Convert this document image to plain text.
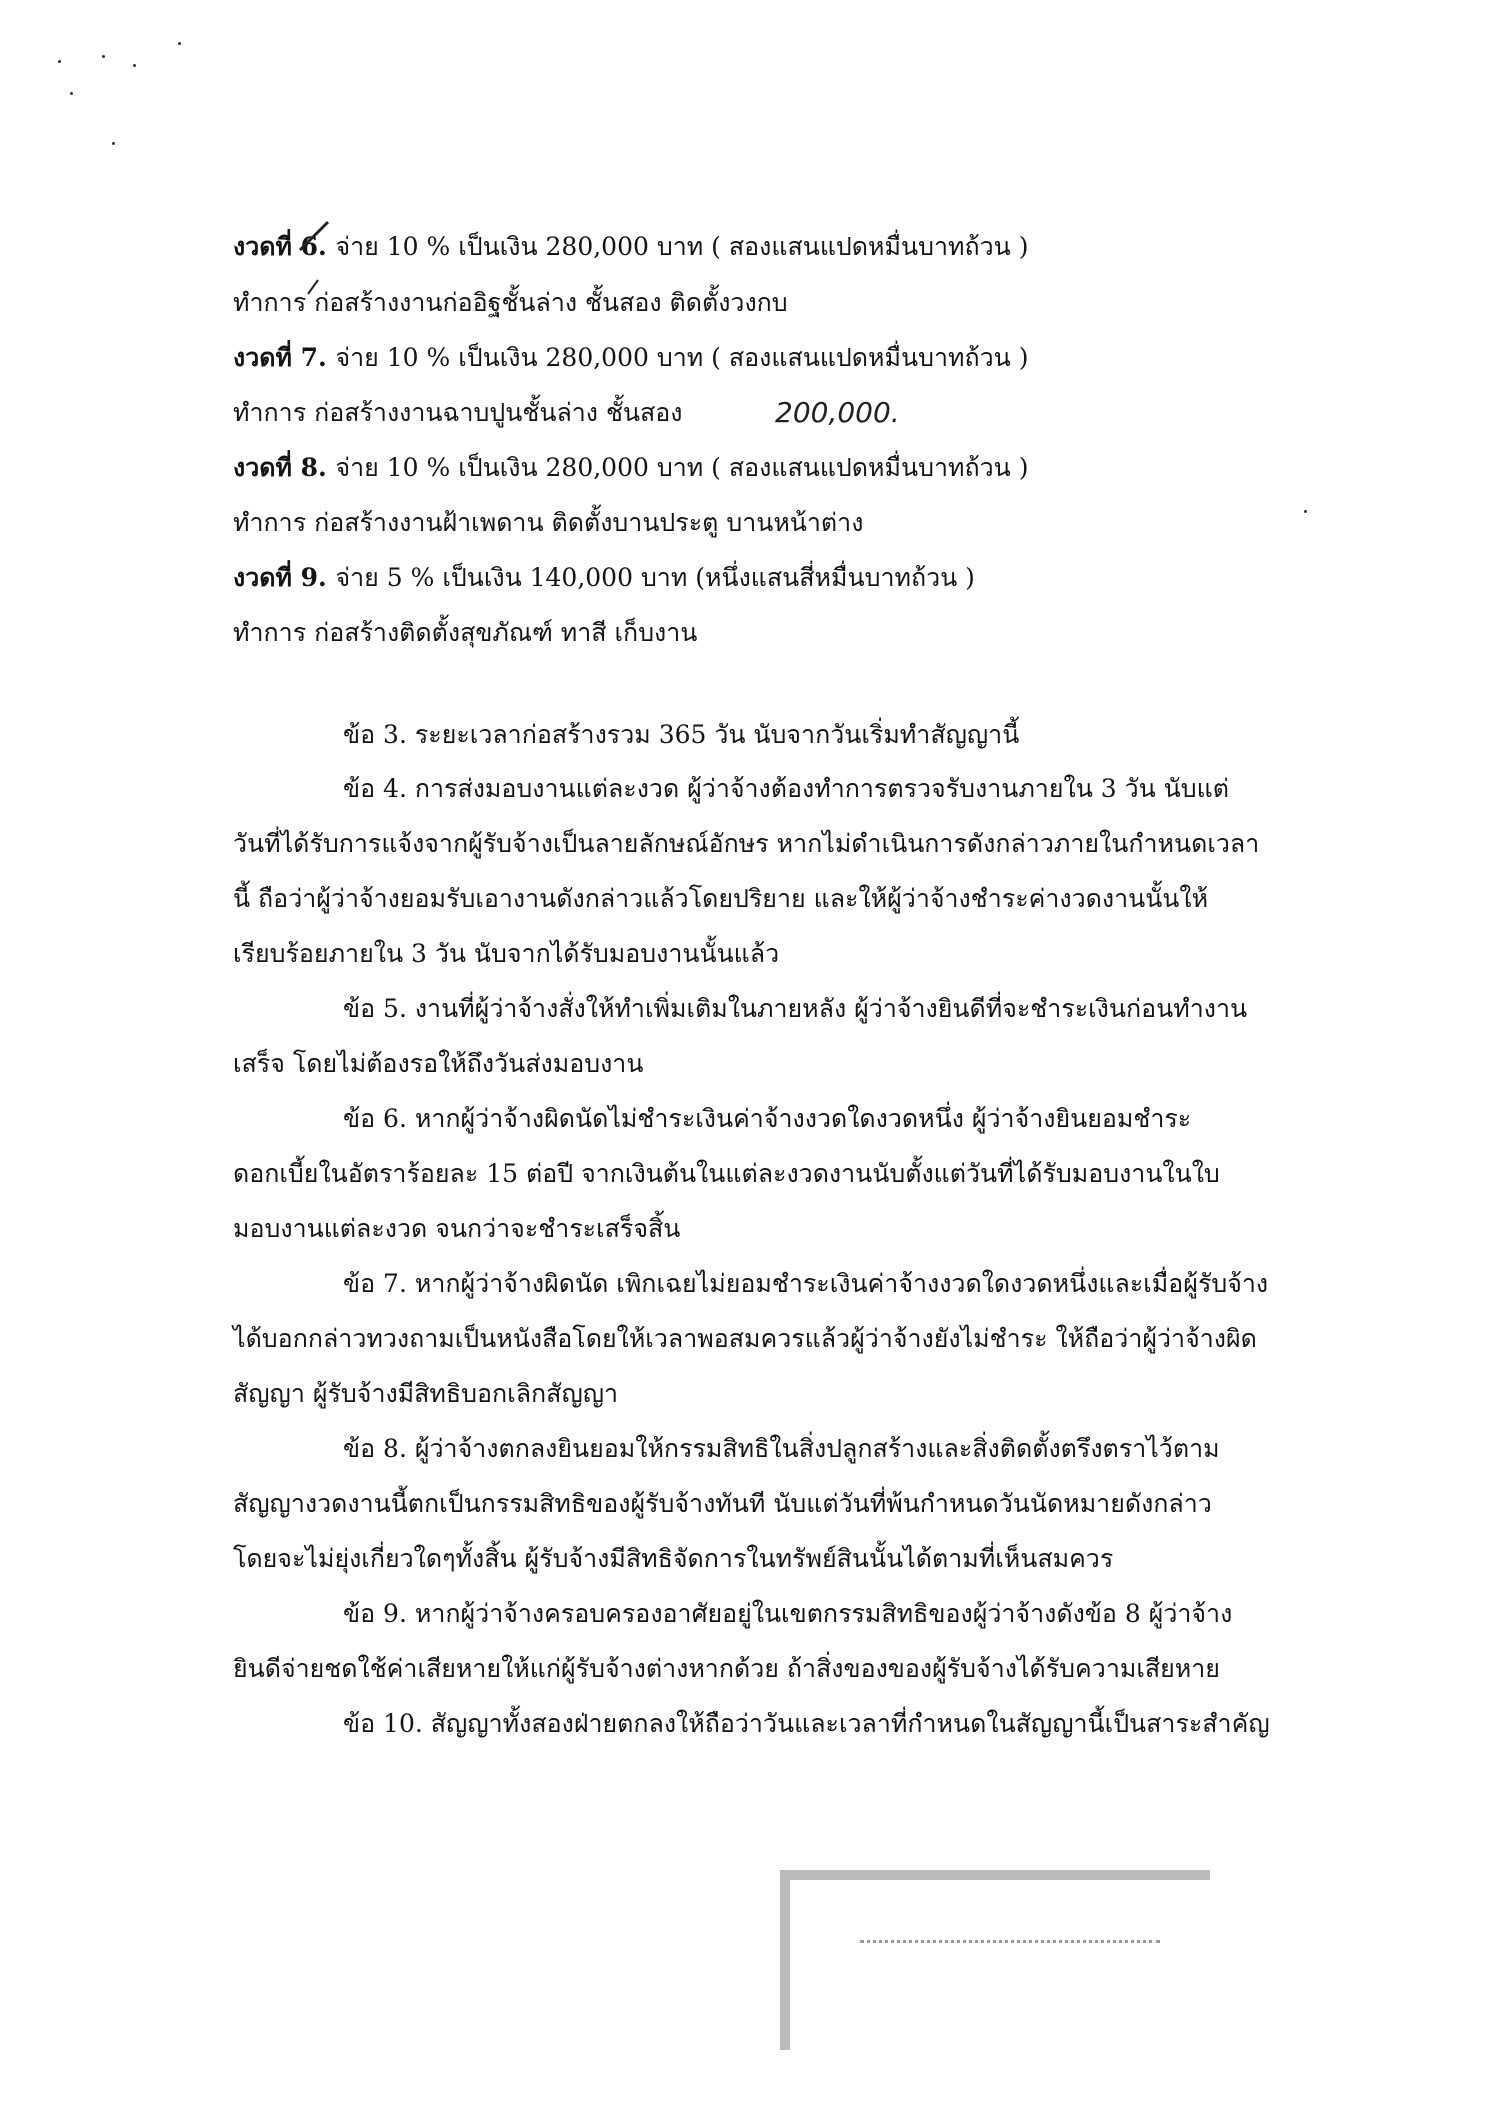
งวดที่ 6. จ่าย 10 % เป็นเงิน 280,000 บาท ( สองแสนแปดหมื่นบาทถ้วน )
ทำการ ก่อสร้างงานก่ออิฐชั้นล่าง ชั้นสอง ติดตั้งวงกบ
งวดที่ 7. จ่าย 10 % เป็นเงิน 280,000 บาท ( สองแสนแปดหมื่นบาทถ้วน )
ทำการ ก่อสร้างงานฉาบปูนชั้นล่าง ชั้นสอง
งวดที่ 8. จ่าย 10 % เป็นเงิน 280,000 บาท ( สองแสนแปดหมื่นบาทถ้วน )
ทำการ ก่อสร้างงานฝ้าเพดาน ติดตั้งบานประตู บานหน้าต่าง
งวดที่ 9. จ่าย 5 % เป็นเงิน 140,000 บาท (หนึ่งแสนสี่หมื่นบาทถ้วน )
ทำการ ก่อสร้างติดตั้งสุขภัณฑ์ ทาสี เก็บงาน
200,000.
ข้อ 3. ระยะเวลาก่อสร้างรวม 365 วัน นับจากวันเริ่มทำสัญญานี้
ข้อ 4. การส่งมอบงานแต่ละงวด ผู้ว่าจ้างต้องทำการตรวจรับงานภายใน 3 วัน นับแต่
วันที่ได้รับการแจ้งจากผู้รับจ้างเป็นลายลักษณ์อักษร หากไม่ดำเนินการดังกล่าวภายในกำหนดเวลา
นี้ ถือว่าผู้ว่าจ้างยอมรับเอางานดังกล่าวแล้วโดยปริยาย และให้ผู้ว่าจ้างชำระค่างวดงานนั้นให้
เรียบร้อยภายใน 3 วัน นับจากได้รับมอบงานนั้นแล้ว
ข้อ 5. งานที่ผู้ว่าจ้างสั่งให้ทำเพิ่มเติมในภายหลัง ผู้ว่าจ้างยินดีที่จะชำระเงินก่อนทำงาน
เสร็จ โดยไม่ต้องรอให้ถึงวันส่งมอบงาน
ข้อ 6. หากผู้ว่าจ้างผิดนัดไม่ชำระเงินค่าจ้างงวดใดงวดหนึ่ง ผู้ว่าจ้างยินยอมชำระ
ดอกเบี้ยในอัตราร้อยละ 15 ต่อปี จากเงินต้นในแต่ละงวดงานนับตั้งแต่วันที่ได้รับมอบงานในใบ
มอบงานแต่ละงวด จนกว่าจะชำระเสร็จสิ้น
ข้อ 7. หากผู้ว่าจ้างผิดนัด เพิกเฉยไม่ยอมชำระเงินค่าจ้างงวดใดงวดหนึ่งและเมื่อผู้รับจ้าง
ได้บอกกล่าวทวงถามเป็นหนังสือโดยให้เวลาพอสมควรแล้วผู้ว่าจ้างยังไม่ชำระ ให้ถือว่าผู้ว่าจ้างผิด
สัญญา ผู้รับจ้างมีสิทธิบอกเลิกสัญญา
ข้อ 8. ผู้ว่าจ้างตกลงยินยอมให้กรรมสิทธิในสิ่งปลูกสร้างและสิ่งติดตั้งตรึงตราไว้ตาม
สัญญางวดงานนี้ตกเป็นกรรมสิทธิของผู้รับจ้างทันที นับแต่วันที่พ้นกำหนดวันนัดหมายดังกล่าว
โดยจะไม่ยุ่งเกี่ยวใดๆทั้งสิ้น ผู้รับจ้างมีสิทธิจัดการในทรัพย์สินนั้นได้ตามที่เห็นสมควร
ข้อ 9. หากผู้ว่าจ้างครอบครองอาศัยอยู่ในเขตกรรมสิทธิของผู้ว่าจ้างดังข้อ 8 ผู้ว่าจ้าง
ยินดีจ่ายชดใช้ค่าเสียหายให้แก่ผู้รับจ้างต่างหากด้วย ถ้าสิ่งของของผู้รับจ้างได้รับความเสียหาย
ข้อ 10. สัญญาทั้งสองฝ่ายตกลงให้ถือว่าวันและเวลาที่กำหนดในสัญญานี้เป็นสาระสำคัญ
